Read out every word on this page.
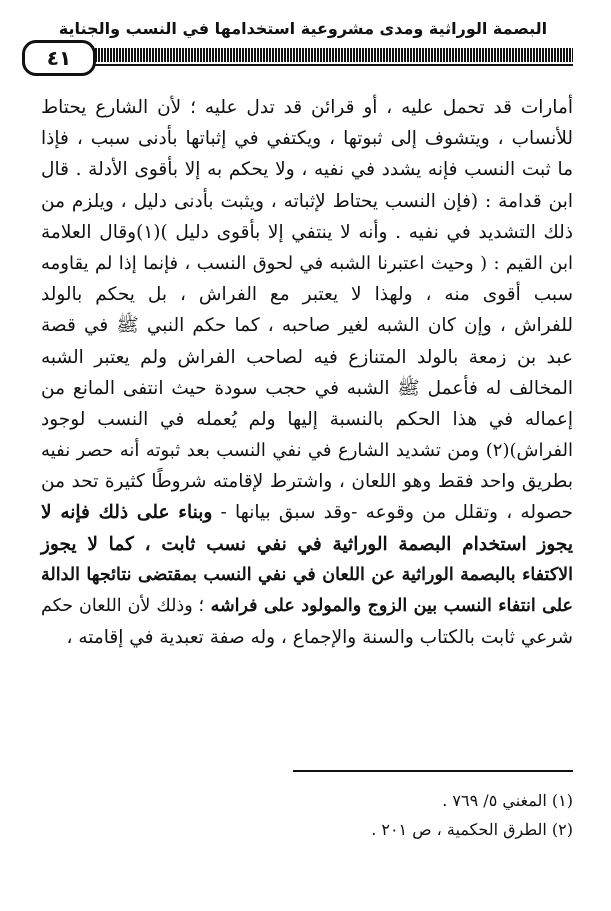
البصمة الوراثية ومدى مشروعية استخدامها في النسب والجناية
٤١
أمارات قد تحمل عليه ، أو قرائن قد تدل عليه ؛ لأن الشارع يحتاط
للأنساب ، ويتشوف إلى ثبوتها ، ويكتفي في إثباتها بأدنى سبب ، فإذا
ما ثبت النسب فإنه يشدد في نفيه ، ولا يحكم به إلا بأقوى الأدلة . قال
ابن قدامة : (فإن النسب يحتاط لإثباته ، ويثبت بأدنى دليل ، ويلزم من
ذلك التشديد في نفيه . وأنه لا ينتفي إلا بأقوى دليل )(١)وقال العلامة
ابن القيم : ( وحيث اعتبرنا الشبه في لحوق النسب ، فإنما إذا لم يقاومه
سبب أقوى منه ، ولهذا لا يعتبر مع الفراش ، بل يحكم بالولد
للفراش ، وإن كان الشبه لغير صاحبه ، كما حكم النبي ﷺ في قصة
عبد بن زمعة بالولد المتنازع فيه لصاحب الفراش ولم يعتبر الشبه
المخالف له فأعمل ﷺ الشبه في حجب سودة حيث انتفى المانع من
إعماله في هذا الحكم بالنسبة إليها ولم يُعمله في النسب لوجود
الفراش)(٢) ومن تشديد الشارع في نفي النسب بعد ثبوته أنه حصر نفيه
بطريق واحد فقط وهو اللعان ، واشترط لإقامته شروطًا كثيرة تحد من
حصوله ، وتقلل من وقوعه -وقد سبق بيانها - وبناء على ذلك فإنه لا
يجوز استخدام البصمة الوراثية في نفي نسب ثابت ، كما لا يجوز
الاكتفاء بالبصمة الوراثية عن اللعان في نفي النسب بمقتضى نتائجها الدالة
على انتفاء النسب بين الزوج والمولود على فراشه ؛ وذلك لأن اللعان حكم
شرعي ثابت بالكتاب والسنة والإجماع ، وله صفة تعبدية في إقامته ،
(١) المغني ٥/ ٧٦٩ .
(٢) الطرق الحكمية ، ص ٢٠١ .
